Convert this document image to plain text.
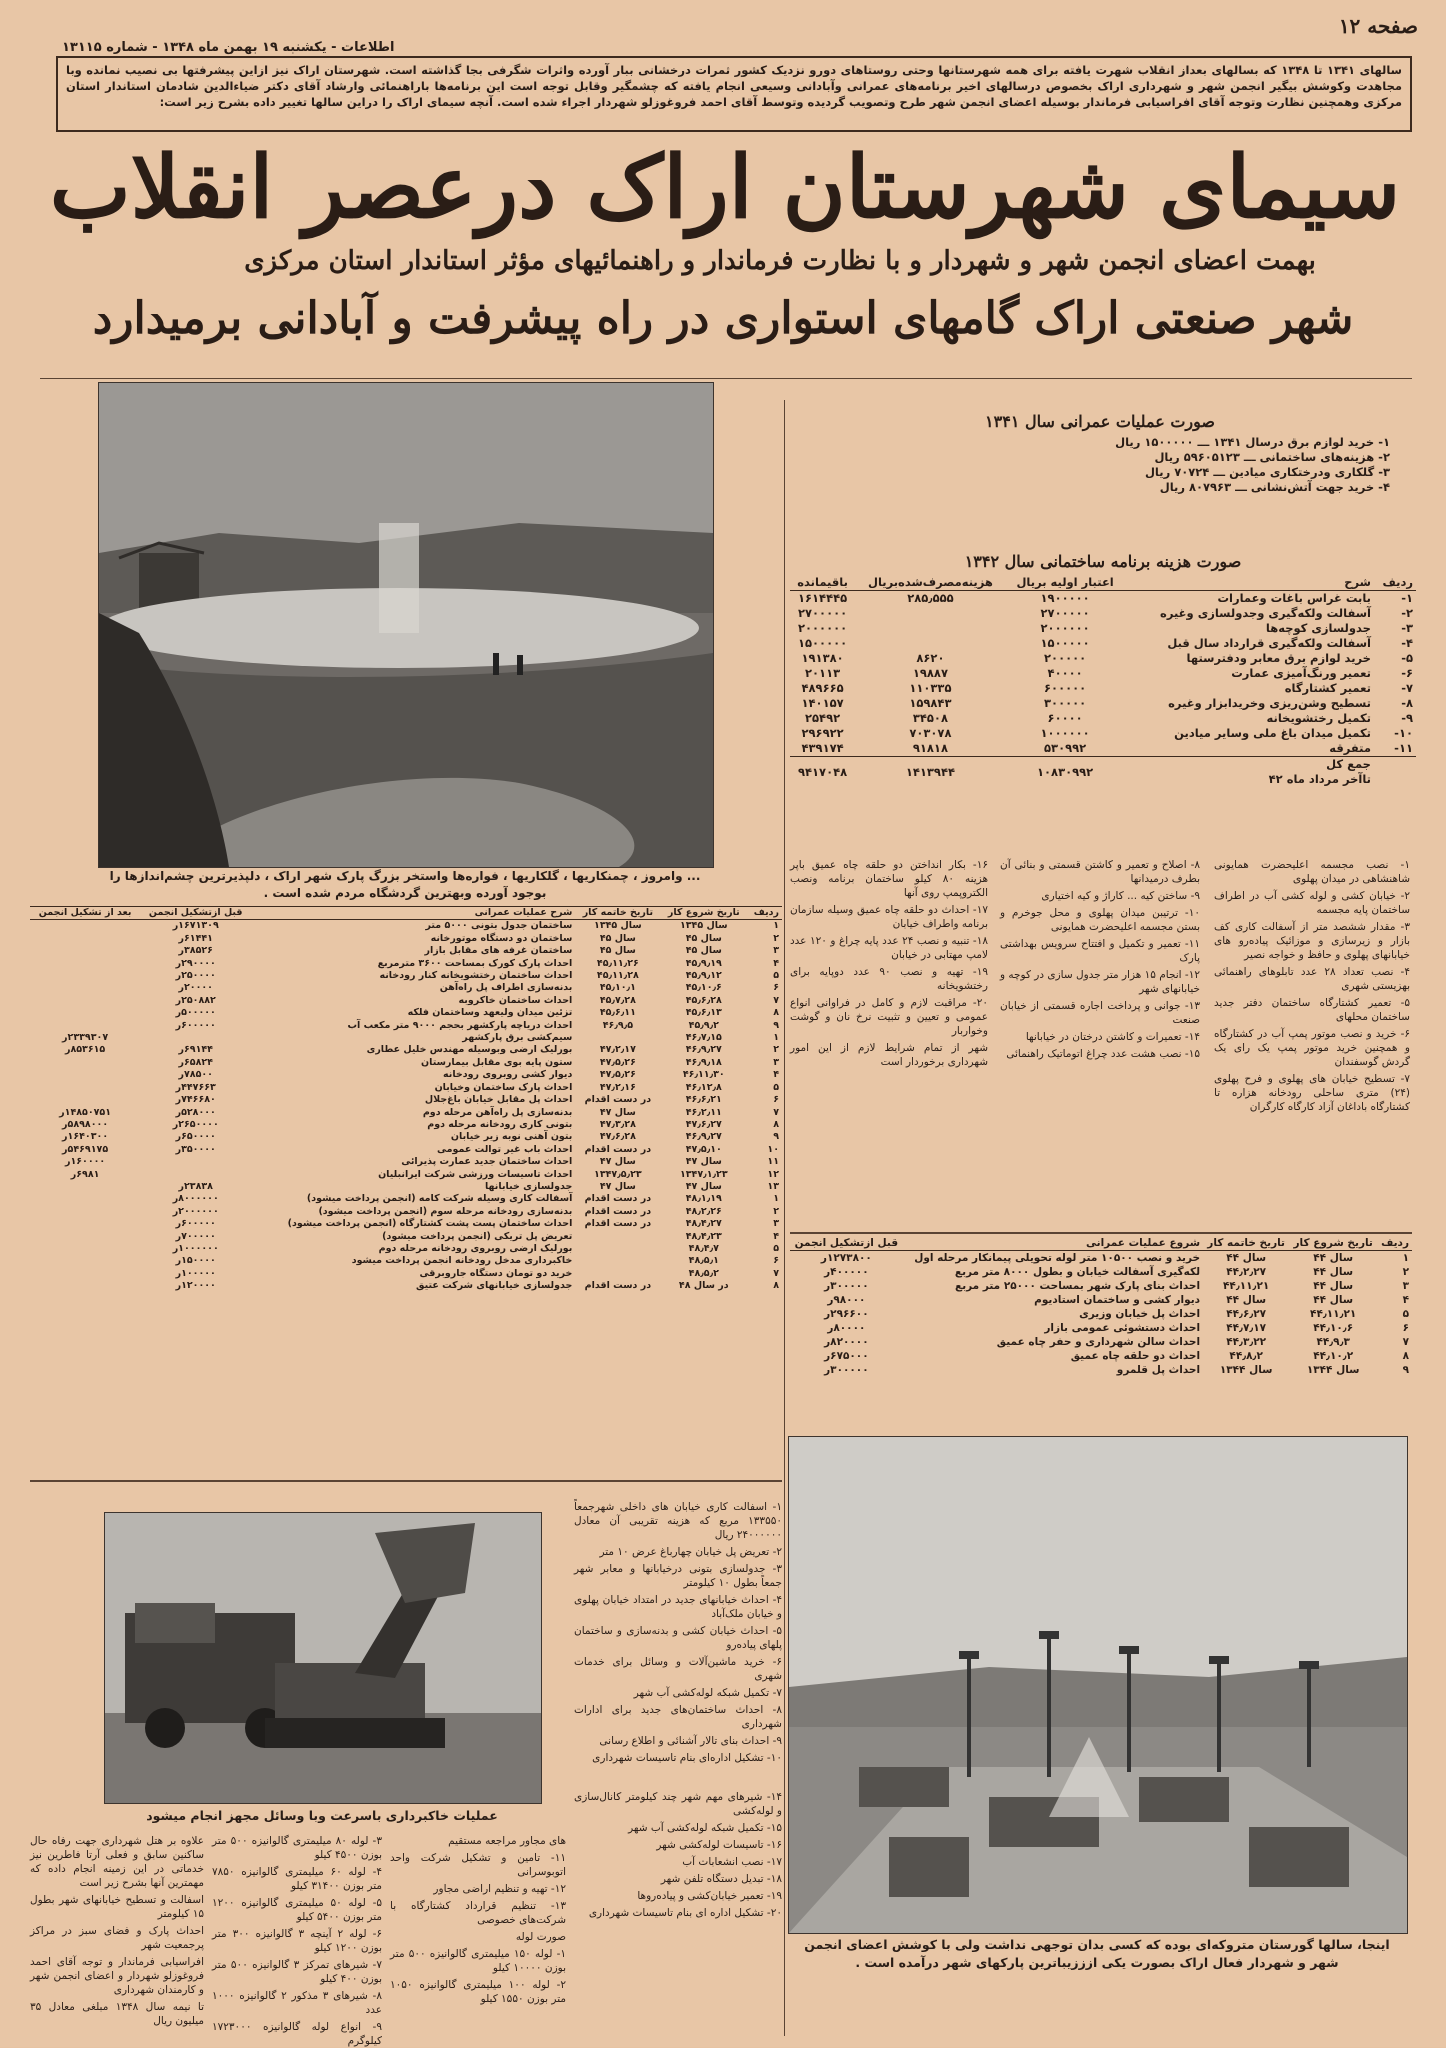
صفحه ۱۲
اطلاعات - یکشنبه ۱۹ بهمن ماه ۱۳۴۸ - شماره ۱۳۱۱۵
سالهای ۱۳۴۱ تا ۱۳۴۸ که بسالهای بعداز انقلاب شهرت یافته برای همه شهرستانها وحتی روستاهای دورو نزدیک کشور ثمرات درخشانی ببار آورده واثرات شگرفی بجا گذاشته است. شهرستان اراک نیز ازاین پیشرفتها بی نصیب نمانده وبا مجاهدت وکوشش بیگیر انجمن شهر و شهرداری اراک بخصوص درسالهای اخیر برنامه‌های عمرانی وآبادانی وسیعی انجام یافته که چشمگیر وقابل توجه است این برنامه‌ها باراهنمائی وارشاد آقای دکتر ضیاءالدین شادمان استاندار استان مرکزی وهمچنین نظارت وتوجه آقای افراسیابی فرماندار بوسیله اعضای انجمن شهر طرح وتصویب گردیده وتوسط آقای احمد فروغوزلو شهردار اجراء شده است. آنچه سیمای اراک را دراین سالها تغییر داده بشرح زیر است:
سیمای شهرستان اراک درعصر انقلاب
بهمت اعضای انجمن شهر و شهردار و با نظارت فرماندار و راهنمائیهای مؤثر استاندار استان مرکزی
شهر صنعتی اراک گامهای استواری در راه پیشرفت و آبادانی برمیدارد
... وامروز ، چمنکاریها ، گلکاریها ، فواره‌ها واستخر بزرگ پارک شهر اراک ، دلپذیرترین چشم‌اندازها را بوجود آورده وبهترین گردشگاه مردم شده است .
صورت عملیات عمرانی سال ۱۳۴۱
۱- خرید لوازم برق درسال ۱۳۴۱ ـــ ۱۵۰۰۰۰۰ ریال
۲- هزینه‌های ساختمانی ـــ ۵۹۶۰۵۱۲۳ ریال
۳- گلکاری ودرختکاری میادین ـــ ۷۰۷۲۴ ریال
۴- خرید جهت آتش‌نشانی ـــ ۸۰۷۹۶۳ ریال
صورت هزینه برنامه ساختمانی سال ۱۳۴۲
ردیف	شرح	اعتبار اولیه بریال	هزینه‌مصرف‌شده‌بریال	باقیمانده
۱-	بابت غراس باغات وعمارات	۱۹۰۰۰۰۰	۲۸۵٫۵۵۵	۱۶۱۴۴۴۵
۲-	آسفالت ولکه‌گیری وجدولسازی وغیره	۲۷۰۰۰۰۰		۲۷۰۰۰۰۰
۳-	جدولسازی کوچه‌ها	۲۰۰۰۰۰۰		۲۰۰۰۰۰۰
۴-	آسفالت ولکه‌گیری قرارداد سال قبل	۱۵۰۰۰۰۰		۱۵۰۰۰۰۰
۵-	خرید لوازم برق معابر ودفترستها	۲۰۰۰۰۰	۸۶۲۰	۱۹۱۳۸۰
۶-	تعمیر ورنگ‌آمیزی عمارت	۴۰۰۰۰	۱۹۸۸۷	۲۰۱۱۳
۷-	تعمیر کشتارگاه	۶۰۰۰۰۰	۱۱۰۳۳۵	۴۸۹۶۶۵
۸-	تسطیح وشن‌ریزی وخریدابزار وغیره	۳۰۰۰۰۰	۱۵۹۸۴۳	۱۴۰۱۵۷
۹-	تکمیل رختشویخانه	۶۰۰۰۰	۳۴۵۰۸	۲۵۴۹۲
۱۰-	تکمیل میدان باغ ملی وسایر میادین	۱۰۰۰۰۰۰	۷۰۳۰۷۸	۲۹۶۹۲۲
۱۱-	متفرقه	۵۳۰۹۹۲	۹۱۸۱۸	۴۳۹۱۷۴
	جمع کل
تاآخر مرداد ماه ۴۲	۱۰۸۳۰۹۹۲	۱۴۱۳۹۴۴	۹۴۱۷۰۴۸

۱- نصب مجسمه اعلیحضرت همایونی شاهنشاهی در میدان پهلوی

۲- خیابان کشی و لوله کشی آب در اطراف ساختمان پایه مجسمه

۳- مقدار ششصد متر از آسفالت کاری کف بازار و زیرسازی و موزائیک پیاده‌رو های خیابانهای پهلوی و حافظ و خواجه نصیر

۴- نصب تعداد ۲۸ عدد تابلوهای راهنمائی بهزیستی شهری

۵- تعمیر کشتارگاه ساختمان دفتر جدید ساختمان محلهای

۶- خرید و نصب موتور پمپ آب در کشتارگاه و همچنین خرید موتور پمپ یک رای یک گردش گوسفندان

۷- تسطیح خیابان های پهلوی و فرح پهلوی (۲۴) متری ساحلی رودخانه هزاره تا کشتارگاه باداغان آزاد کارگاه کارگران

۸- اصلاح و تعمیر و کاشتن قسمتی و بنائی آن بطرف درمیدانها

۹- ساختن کیه ... کاراژ و کیه اختیاری

۱۰- ترتیبن میدان پهلوی و محل جوخرم و بستن مجسمه اعلیحضرت همایونی

۱۱- تعمیر و تکمیل و افتتاح سرویس بهداشتی پارک

۱۲- انجام ۱۵ هزار متر جدول سازی در کوچه و خیابانهای شهر

۱۳- جوانی و پرداخت اجاره قسمتی از خیابان صنعت

۱۴- تعمیرات و کاشتن درختان در خیابانها

۱۵- نصب هشت عدد چراغ اتوماتیک راهنمائی

۱۶- بکار انداختن دو حلقه چاه عمیق باپر هزینه ۸۰ کیلو ساختمان برنامه ونصب الکتروپمپ روی آنها

۱۷- احداث دو حلقه چاه عمیق وسیله سازمان برنامه واطراف خیابان

۱۸- تنبیه و نصب ۲۴ عدد پایه چراغ و ۱۲۰ عدد لامپ مهتابی در خیابان

۱۹- تهیه و نصب ۹۰ عدد دوپایه برای رختشویخانه

۲۰- مراقبت لازم و کامل در فراوانی انواع عمومی و تعیین و تثبیت نرخ نان و گوشت وخواربار

شهر از تمام شرایط لازم از این امور شهرداری برخوردار است

ردیف	تاریخ شروع کار	تاریخ خاتمه کار	شروع عملیات عمرانی	قبل ازتشکیل انجمن
۱	سال ۴۴	سال ۴۴	خرید و نصب ۱۰۵۰۰ متر لوله تحویلی پیمانکار مرحله اول	۱۲۷۳۸۰۰ر
۲	سال ۴۴	۴۴٫۲٫۲۷	لکه‌گیری آسفالت خیابان و بطول ۸۰۰۰ متر مربع	۴۰۰۰۰۰ر
۳	سال ۴۴	۴۴٫۱۱٫۲۱	احداث بنای پارک شهر بمساحت ۲۵۰۰۰ متر مربع	۳۰۰۰۰۰ر
۴	سال ۴۴	سال ۴۴	دیوار کشی و ساختمان استادیوم	۹۸۰۰۰ر
۵	۴۴٫۱۱٫۲۱	۴۴٫۶٫۲۷	احداث پل خیابان وزیری	۲۹۶۶۰۰ر
۶	۴۴٫۱۰٫۶	۴۴٫۷٫۱۷	احداث دستشوئی عمومی بازار	۸۰۰۰۰ر
۷	۴۴٫۹٫۳	۴۴٫۳٫۲۲	احداث سالن شهرداری و حفر چاه عمیق	۸۲۰۰۰۰ر
۸	۴۴٫۱۰٫۲	۴۴٫۸٫۲	احداث دو حلقه چاه عمیق	۶۷۵۰۰۰ر
۹	سال ۱۳۴۴	سال ۱۳۴۴	احداث پل قلمرو	۳۰۰۰۰۰ر
ردیف	تاریخ شروع کار	تاریخ خاتمه کار	شرح عملیات عمرانی	قبل ازتشکیل انجمن	بعد از تشکیل انجمن
۱	سال ۱۳۴۵	سال ۱۳۴۵	ساختمان جدول بتونی ۵۰۰۰ متر	۱۶۷۱۳۰۹ر	
۲	سال ۴۵	سال ۴۵	ساختمان دو دستگاه موتورخانه	۶۱۴۴۱ر	
۳	سال ۴۵	سال ۴۵	ساختمان غرفه های مقابل بازار	۳۸۵۲۶ر	
۴	۴۵٫۹٫۱۹	۴۵٫۱۱٫۲۶	احداث پارک کورک بمساحت ۳۶۰۰ مترمربع	۲۹۰۰۰۰ر	
۵	۴۵٫۹٫۱۲	۴۵٫۱۱٫۲۸	احداث ساختمان رختشویخانه کنار رودخانه	۲۵۰۰۰۰ر	
۶	۴۵٫۱۰٫۶	۴۵٫۱۰٫۱	بدنه‌سازی اطراف پل راه‌آهن	۲۰۰۰۰ر	
۷	۴۵٫۶٫۲۸	۴۵٫۷٫۲۸	احداث ساختمان خاکروبه	۲۵۰۸۸۲ر	
۸	۴۵٫۶٫۱۳	۴۵٫۶٫۱۱	تزئین میدان ولیعهد وساختمان فلکه	۵۰۰۰۰۰ر	
۹	۴۵٫۹٫۲	۴۶٫۹٫۵	احداث دریاچه پارکشهر بحجم ۹۰۰۰ متر مکعب آب	۶۰۰۰۰۰ر	
۱	۴۶٫۷٫۱۵		سیم‌کشی برق پارکشهر		۲۳۳۹۳۰۷ر
۲	۴۶٫۹٫۲۷	۴۷٫۲٫۱۷	بورلیک ارضی وبوسیله مهندس خلیل عطاری	۶۹۱۴۴ر	۸۵۳۶۱۵ر
۳	۴۶٫۹٫۱۸	۴۷٫۵٫۲۶	ستون پایه بوی مقابل بیمارستان	۶۵۸۲۴ر	
۴	۴۶٫۱۱٫۳۰	۴۷٫۵٫۲۶	دیوار کشی روبروی رودخانه	۷۸۵۰۰ر	
۵	۴۶٫۱۲٫۸	۴۷٫۲٫۱۶	احداث پارک ساختمان وخیابان	۴۴۷۶۶۳ر	
۶	۴۶٫۶٫۲۱	در دست اقدام	احداث پل مقابل خیابان باغ‌جلال	۷۴۶۶۸۰ر	
۷	۴۶٫۲٫۱۱	سال ۴۷	بدنه‌سازی پل راه‌آهن مرحله دوم	۵۲۸۰۰۰ر	۱۴۸۵۰۷۵۱ر
۸	۴۷٫۶٫۲۷	۴۷٫۳٫۲۸	بتونی کاری رودخانه مرحله دوم	۲۶۵۰۰۰۰ر	۵۸۹۸۰۰۰ر
۹	۴۶٫۹٫۲۷	۴۷٫۶٫۲۸	بتون آهنی نوبه زیر خیابان	۶۵۰۰۰۰ر	۱۶۴۰۳۰۰ر
۱۰	۴۷٫۵٫۱۰	در دست اقدام	احداث باب غیر توالت عمومی	۳۵۰۰۰۰ر	۵۴۶۹۱۷۵ر
۱۱	سال ۴۷	سال ۴۷	احداث ساختمان جدید عمارت پذیرائی		۱۶۰۰۰۰ر
۱۲	۱۳۴۷٫۱٫۲۳	۱۳۴۷٫۵٫۲۳	احداث تاسیسات ورزشی شرکت ایرانبلیان		۶۹۸۱ر
۱۳	سال ۴۷	سال ۴۷	جدولسازی خیابانها	۲۳۸۳۸ر	
۱	۴۸٫۱٫۱۹	در دست اقدام	آسفالت کاری وسیله شرکت کامه (انجمن پرداخت میشود)	۸۰۰۰۰۰۰ر	
۲	۴۸٫۲٫۲۶	در دست اقدام	بدنه‌سازی رودخانه مرحله سوم (انجمن پرداخت میشود)	۲۰۰۰۰۰۰ر	
۳	۴۸٫۴٫۲۷	در دست اقدام	احداث ساختمان پست پشت کشتارگاه (انجمن پرداخت میشود)	۶۰۰۰۰۰ر	
۴	۴۸٫۴٫۲۳		تعریض پل تریکی (انجمن پرداخت میشود)	۷۰۰۰۰۰ر	
۵	۴۸٫۴٫۷		بورلیک ارضی روبروی رودخانه مرحله دوم	۱۰۰۰۰۰۰ر	
۶	۴۸٫۵٫۱		خاکبرداری مدخل رودخانه انجمن پرداخت میشود	۱۵۰۰۰۰ر	
۷	۴۸٫۵٫۲		خرید دو تومان دستگاه جاروبرقی	۱۰۰۰۰۰ر	
۸	در سال ۴۸	در دست اقدام	جدولسازی خیابانهای شرکت عتیق	۱۲۰۰۰۰ر	

۱- اسفالت کاری خیابان های داخلی شهرجمعاً ۱۳۳۵۵۰ مربع که هزینه تقریبی آن معادل ۲۴۰۰۰۰۰۰ ریال

۲- تعریض پل خیابان چهارباغ عرض ۱۰ متر

۳- جدولسازی بتونی درخیابانها و معابر شهر جمعاً بطول ۱۰ کیلومتر

۴- احداث خیابانهای جدید در امتداد خیابان پهلوی و خیابان ملک‌آباد

۵- احداث خیابان کشی و بدنه‌سازی و ساختمان پلهای پیاده‌رو

۶- خرید ماشین‌آلات و وسائل برای خدمات شهری

۷- تکمیل شبکه لوله‌کشی آب شهر

۸- احداث ساختمان‌های جدید برای ادارات شهرداری

۹- احداث بنای تالار آشنائی و اطلاع رسانی

۱۰- تشکیل اداره‌ای بنام تاسیسات شهرداری

عملیات خاکبرداری باسرعت وبا وسائل مجهز انجام میشود

۱۴- شیرهای مهم شهر چند کیلومتر کانال‌سازی و لوله‌کشی

۱۵- تکمیل شبکه لوله‌کشی آب شهر

۱۶- تاسیسات لوله‌کشی شهر

۱۷- نصب انشعابات آب

۱۸- تبدیل دستگاه تلفن شهر

۱۹- تعمیر خیابان‌کشی و پیاده‌رو‌ها

۲۰- تشکیل اداره ای بنام تاسیسات شهرداری

های مجاور مراجعه مستقیم

۱۱- تامین و تشکیل شرکت واحد اتوبوسرانی

۱۲- تهیه و تنظیم اراضی مجاور

۱۳- تنظیم قرارداد کشتارگاه با شرکت‌های خصوصی

صورت لوله

۱- لوله ۱۵۰ میلیمتری گالوانیزه ۵۰۰ متر بوزن ۱۰۰۰۰ کیلو

۲- لوله ۱۰۰ میلیمتری گالوانیزه ۱۰۵۰ متر بوزن ۱۵۵۰ کیلو

۳- لوله ۸۰ میلیمتری گالوانیزه ۵۰۰ متر بوزن ۴۵۰۰ کیلو

۴- لوله ۶۰ میلیمتری گالوانیزه ۷۸۵۰ متر بوزن ۳۱۴۰۰ کیلو

۵- لوله ۵۰ میلیمتری گالوانیزه ۱۲۰۰ متر بوزن ۵۴۰۰ کیلو

۶- لوله ۲ آینچه ۳ گالوانیزه ۳۰۰ متر بوزن ۱۲۰۰ کیلو

۷- شیرهای تمرکز ۳ گالوانیزه ۵۰۰ متر بوزن ۴۰۰ کیلو

۸- شیرهای ۳ مذکور ۲ گالوانیزه ۱۰۰۰ عدد

۹- انواع لوله گالوانیزه ۱۷۲۳۰۰۰ کیلوگرم

علاوه بر هتل شهرداری جهت رفاه حال ساکنین سابق و فعلی آرتا فاطرین نیز خدماتی در این زمینه انجام داده که مهمترین آنها بشرح زیر است

اسفالت و تسطیح خیابانهای شهر بطول ۱۵ کیلومتر

احداث پارک و فضای سبز در مراکز پرجمعیت شهر

افراسیابی فرماندار و توجه آقای احمد فروغوزلو شهردار و اعضای انجمن شهر و کارمندان شهرداری

تا نیمه سال ۱۳۴۸ مبلغی معادل ۳۵ میلیون ریال

اینجا، سالها گورستان متروکه‌ای بوده که کسی بدان توجهی نداشت ولی با کوشش اعضای انجمن شهر و شهردار فعال اراک بصورت یکی ازززیباترین پارکهای شهر درآمده است .
